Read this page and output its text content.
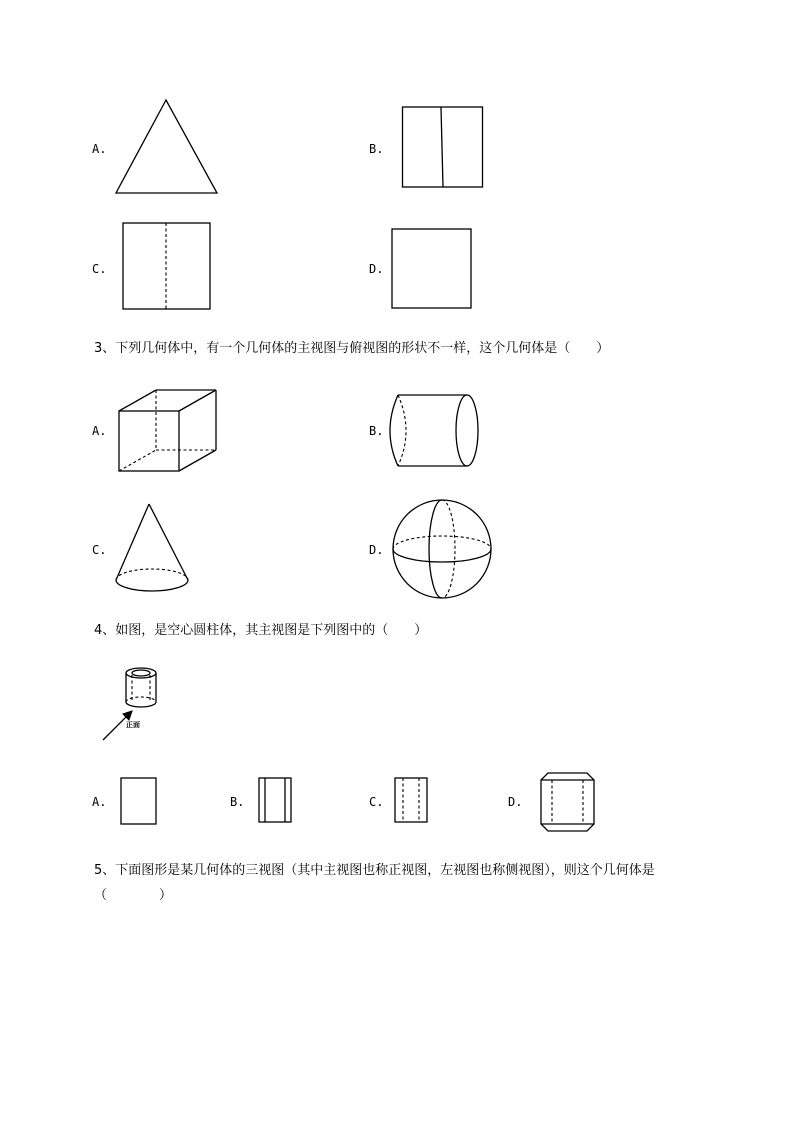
A.	B.
C.	D.
3、下列几何体中，有一个几何体的主视图与俯视图的形状不一样，这个几何体是（　　）
A.	B.
C.	D.
4、如图，是空心圆柱体，其主视图是下列图中的（　　）
正面
A.	B.	C.	D.
5、下面图形是某几何体的三视图（其中主视图也称正视图，左视图也称侧视图），则这个几何体是
（　　　　）
